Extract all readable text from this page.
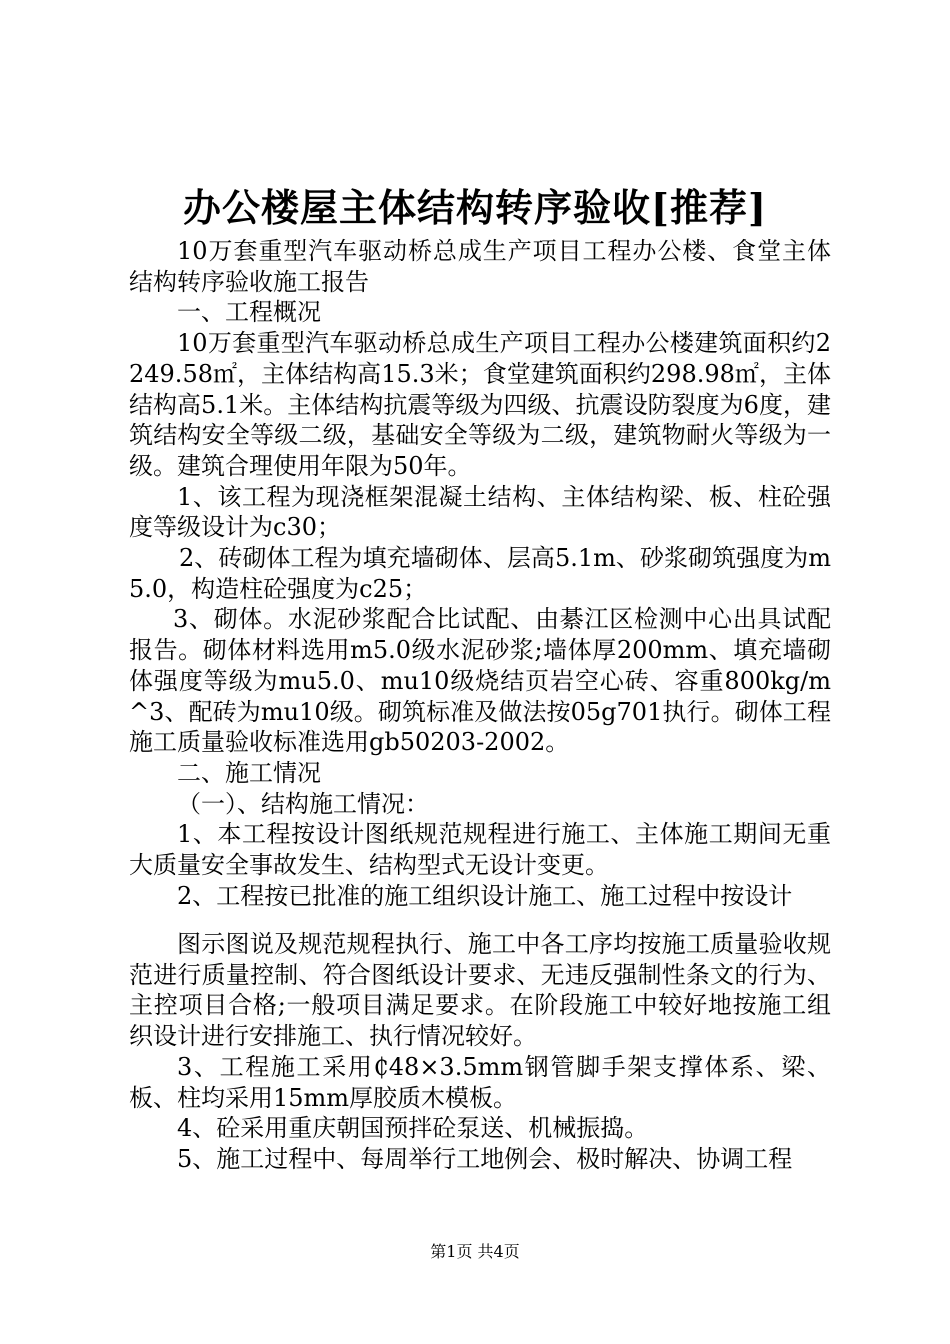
办公楼屋主体结构转序验收[推荐]

10万套重型汽车驱动桥总成生产项目工程办公楼、食堂主体结构转序验收施工报告

一、工程概况

10万套重型汽车驱动桥总成生产项目工程办公楼建筑面积约2249.58㎡，主体结构高15.3米；食堂建筑面积约298.98㎡，主体结构高5.1米。主体结构抗震等级为四级、抗震设防裂度为6度，建筑结构安全等级二级，基础安全等级为二级，建筑物耐火等级为一级。建筑合理使用年限为50年。

1、该工程为现浇框架混凝土结构、主体结构梁、板、柱砼强度等级设计为c30；

2、砖砌体工程为填充墙砌体、层高5.1m、砂浆砌筑强度为m5.0，构造柱砼强度为c25；

3、砌体。水泥砂浆配合比试配、由綦江区检测中心出具试配报告。砌体材料选用m5.0级水泥砂浆;墙体厚200mm、填充墙砌体强度等级为mu5.0、mu10级烧结页岩空心砖、容重800kg/m^3、配砖为mu10级。砌筑标准及做法按05g701执行。砌体工程施工质量验收标准选用gb50203-2002。

二、施工情况

（一）、结构施工情况：

1、本工程按设计图纸规范规程进行施工、主体施工期间无重大质量安全事故发生、结构型式无设计变更。

2、工程按已批准的施工组织设计施工、施工过程中按设计

图示图说及规范规程执行、施工中各工序均按施工质量验收规范进行质量控制、符合图纸设计要求、无违反强制性条文的行为、主控项目合格;一般项目满足要求。在阶段施工中较好地按施工组织设计进行安排施工、执行情况较好。

3、工程施工采用₵48×3.5mm钢管脚手架支撑体系、梁、板、柱均采用15mm厚胶质木模板。

4、砼采用重庆朝国预拌砼泵送、机械振捣。

5、施工过程中、每周举行工地例会、极时解决、协调工程

第1页 共4页
